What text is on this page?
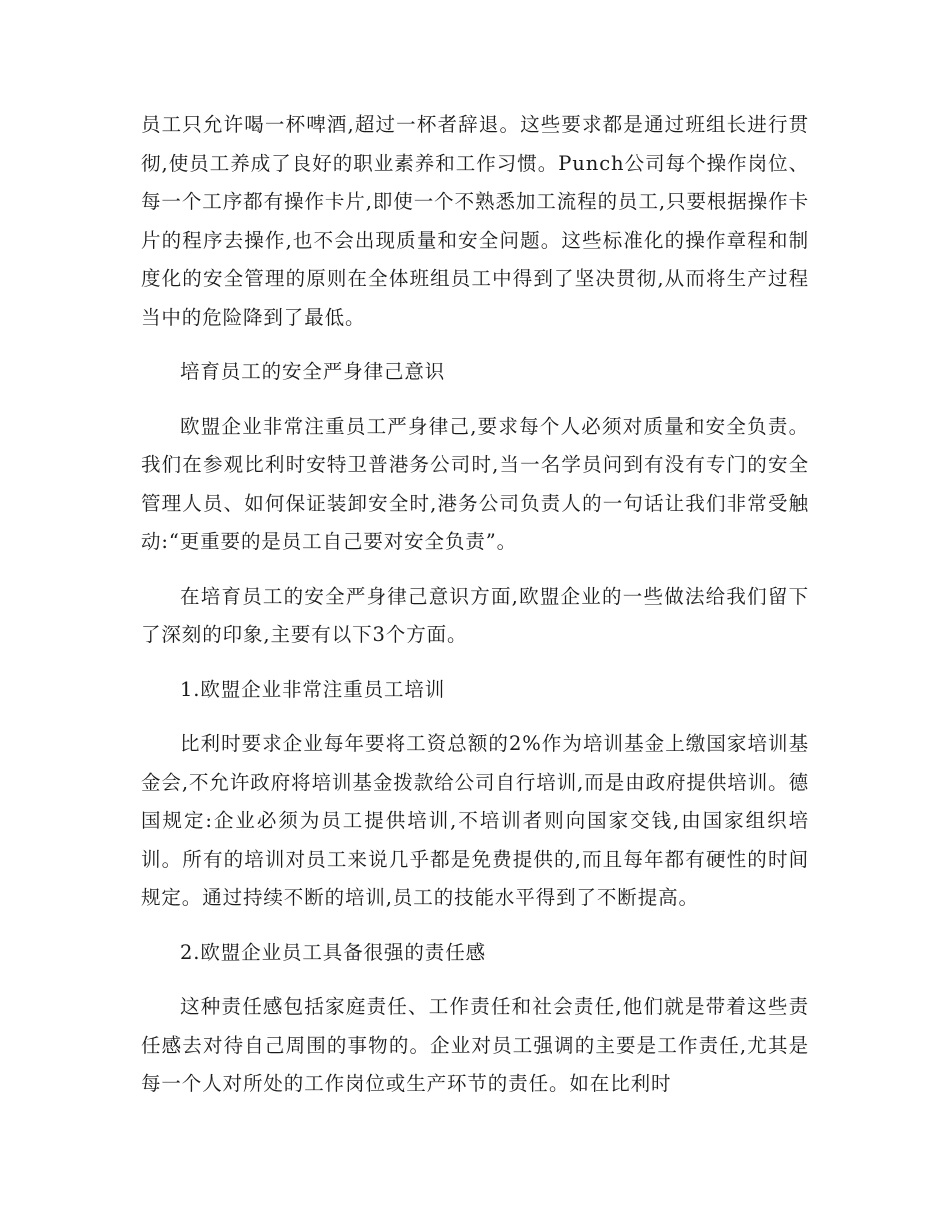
员工只允许喝一杯啤酒,超过一杯者辞退。这些要求都是通过班组长进行贯彻,使员工养成了良好的职业素养和工作习惯。Punch公司每个操作岗位、每一个工序都有操作卡片,即使一个不熟悉加工流程的员工,只要根据操作卡片的程序去操作,也不会出现质量和安全问题。这些标准化的操作章程和制度化的安全管理的原则在全体班组员工中得到了坚决贯彻,从而将生产过程当中的危险降到了最低。

培育员工的安全严身律己意识

欧盟企业非常注重员工严身律己,要求每个人必须对质量和安全负责。我们在参观比利时安特卫普港务公司时,当一名学员问到有没有专门的安全管理人员、如何保证装卸安全时,港务公司负责人的一句话让我们非常受触动:“更重要的是员工自己要对安全负责”。

在培育员工的安全严身律己意识方面,欧盟企业的一些做法给我们留下了深刻的印象,主要有以下3个方面。

1.欧盟企业非常注重员工培训

比利时要求企业每年要将工资总额的2%作为培训基金上缴国家培训基金会,不允许政府将培训基金拨款给公司自行培训,而是由政府提供培训。德国规定:企业必须为员工提供培训,不培训者则向国家交钱,由国家组织培训。所有的培训对员工来说几乎都是免费提供的,而且每年都有硬性的时间规定。通过持续不断的培训,员工的技能水平得到了不断提高。

2.欧盟企业员工具备很强的责任感

这种责任感包括家庭责任、工作责任和社会责任,他们就是带着这些责任感去对待自己周围的事物的。企业对员工强调的主要是工作责任,尤其是每一个人对所处的工作岗位或生产环节的责任。如在比利时
